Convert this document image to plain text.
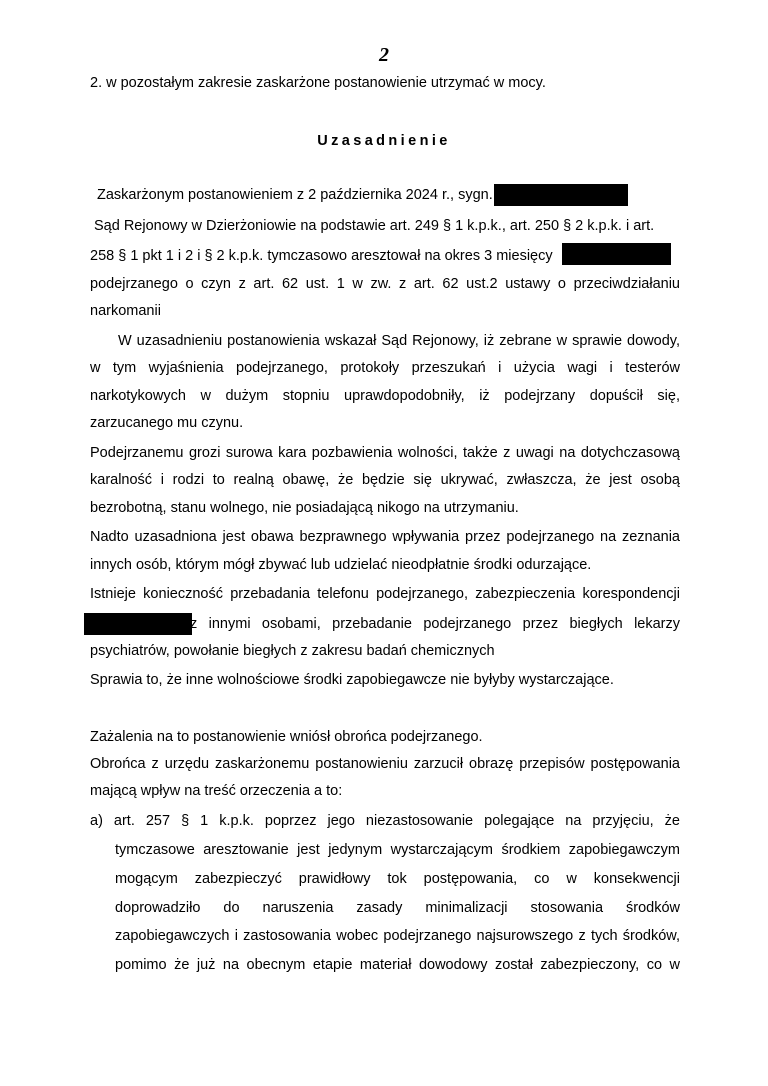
2
2. w pozostałym zakresie zaskarżone postanowienie utrzymać w mocy.
Uzasadnienie
Zaskarżonym postanowieniem z 2 października 2024 r., sygn.
Sąd Rejonowy w Dzierżoniowie na podstawie art. 249 § 1 k.p.k., art. 250 § 2 k.p.k. i art.
258 § 1 pkt 1 i 2 i § 2 k.p.k. tymczasowo aresztował na okres 3 miesięcy
podejrzanego o czyn z art. 62 ust. 1 w zw. z art. 62 ust.2 ustawy o przeciwdziałaniu
narkomanii
W uzasadnieniu postanowienia wskazał Sąd Rejonowy, iż zebrane w sprawie dowody,
w tym wyjaśnienia podejrzanego, protokoły przeszukań i użycia wagi i testerów
narkotykowych w dużym stopniu uprawdopodobniły, iż podejrzany dopuścił się,
zarzucanego mu czynu.
Podejrzanemu grozi surowa kara pozbawienia wolności, także z uwagi na dotychczasową
karalność i rodzi to realną obawę, że będzie się ukrywać, zwłaszcza, że jest osobą
bezrobotną, stanu wolnego, nie posiadającą nikogo na utrzymaniu.
Nadto uzasadniona jest obawa bezprawnego wpływania przez podejrzanego na zeznania
innych osób, którym mógł zbywać lub udzielać nieodpłatnie środki odurzające.
Istnieje konieczność przebadania telefonu podejrzanego, zabezpieczenia korespondencji
z innymi osobami, przebadanie podejrzanego przez biegłych lekarzy
psychiatrów, powołanie biegłych z zakresu badań chemicznych
Sprawia to, że inne wolnościowe środki zapobiegawcze nie byłyby wystarczające.
Zażalenia na to postanowienie wniósł obrońca podejrzanego.
Obrońca z urzędu zaskarżonemu postanowieniu zarzucił obrazę przepisów postępowania
mającą wpływ na treść orzeczenia a to:
a) art. 257 § 1 k.p.k. poprzez jego niezastosowanie polegające na przyjęciu, że
tymczasowe aresztowanie jest jedynym wystarczającym środkiem zapobiegawczym
mogącym zabezpieczyć prawidłowy tok postępowania, co w konsekwencji
doprowadziło do naruszenia zasady minimalizacji stosowania środków
zapobiegawczych i zastosowania wobec podejrzanego najsurowszego z tych środków,
pomimo że już na obecnym etapie materiał dowodowy został zabezpieczony, co w
